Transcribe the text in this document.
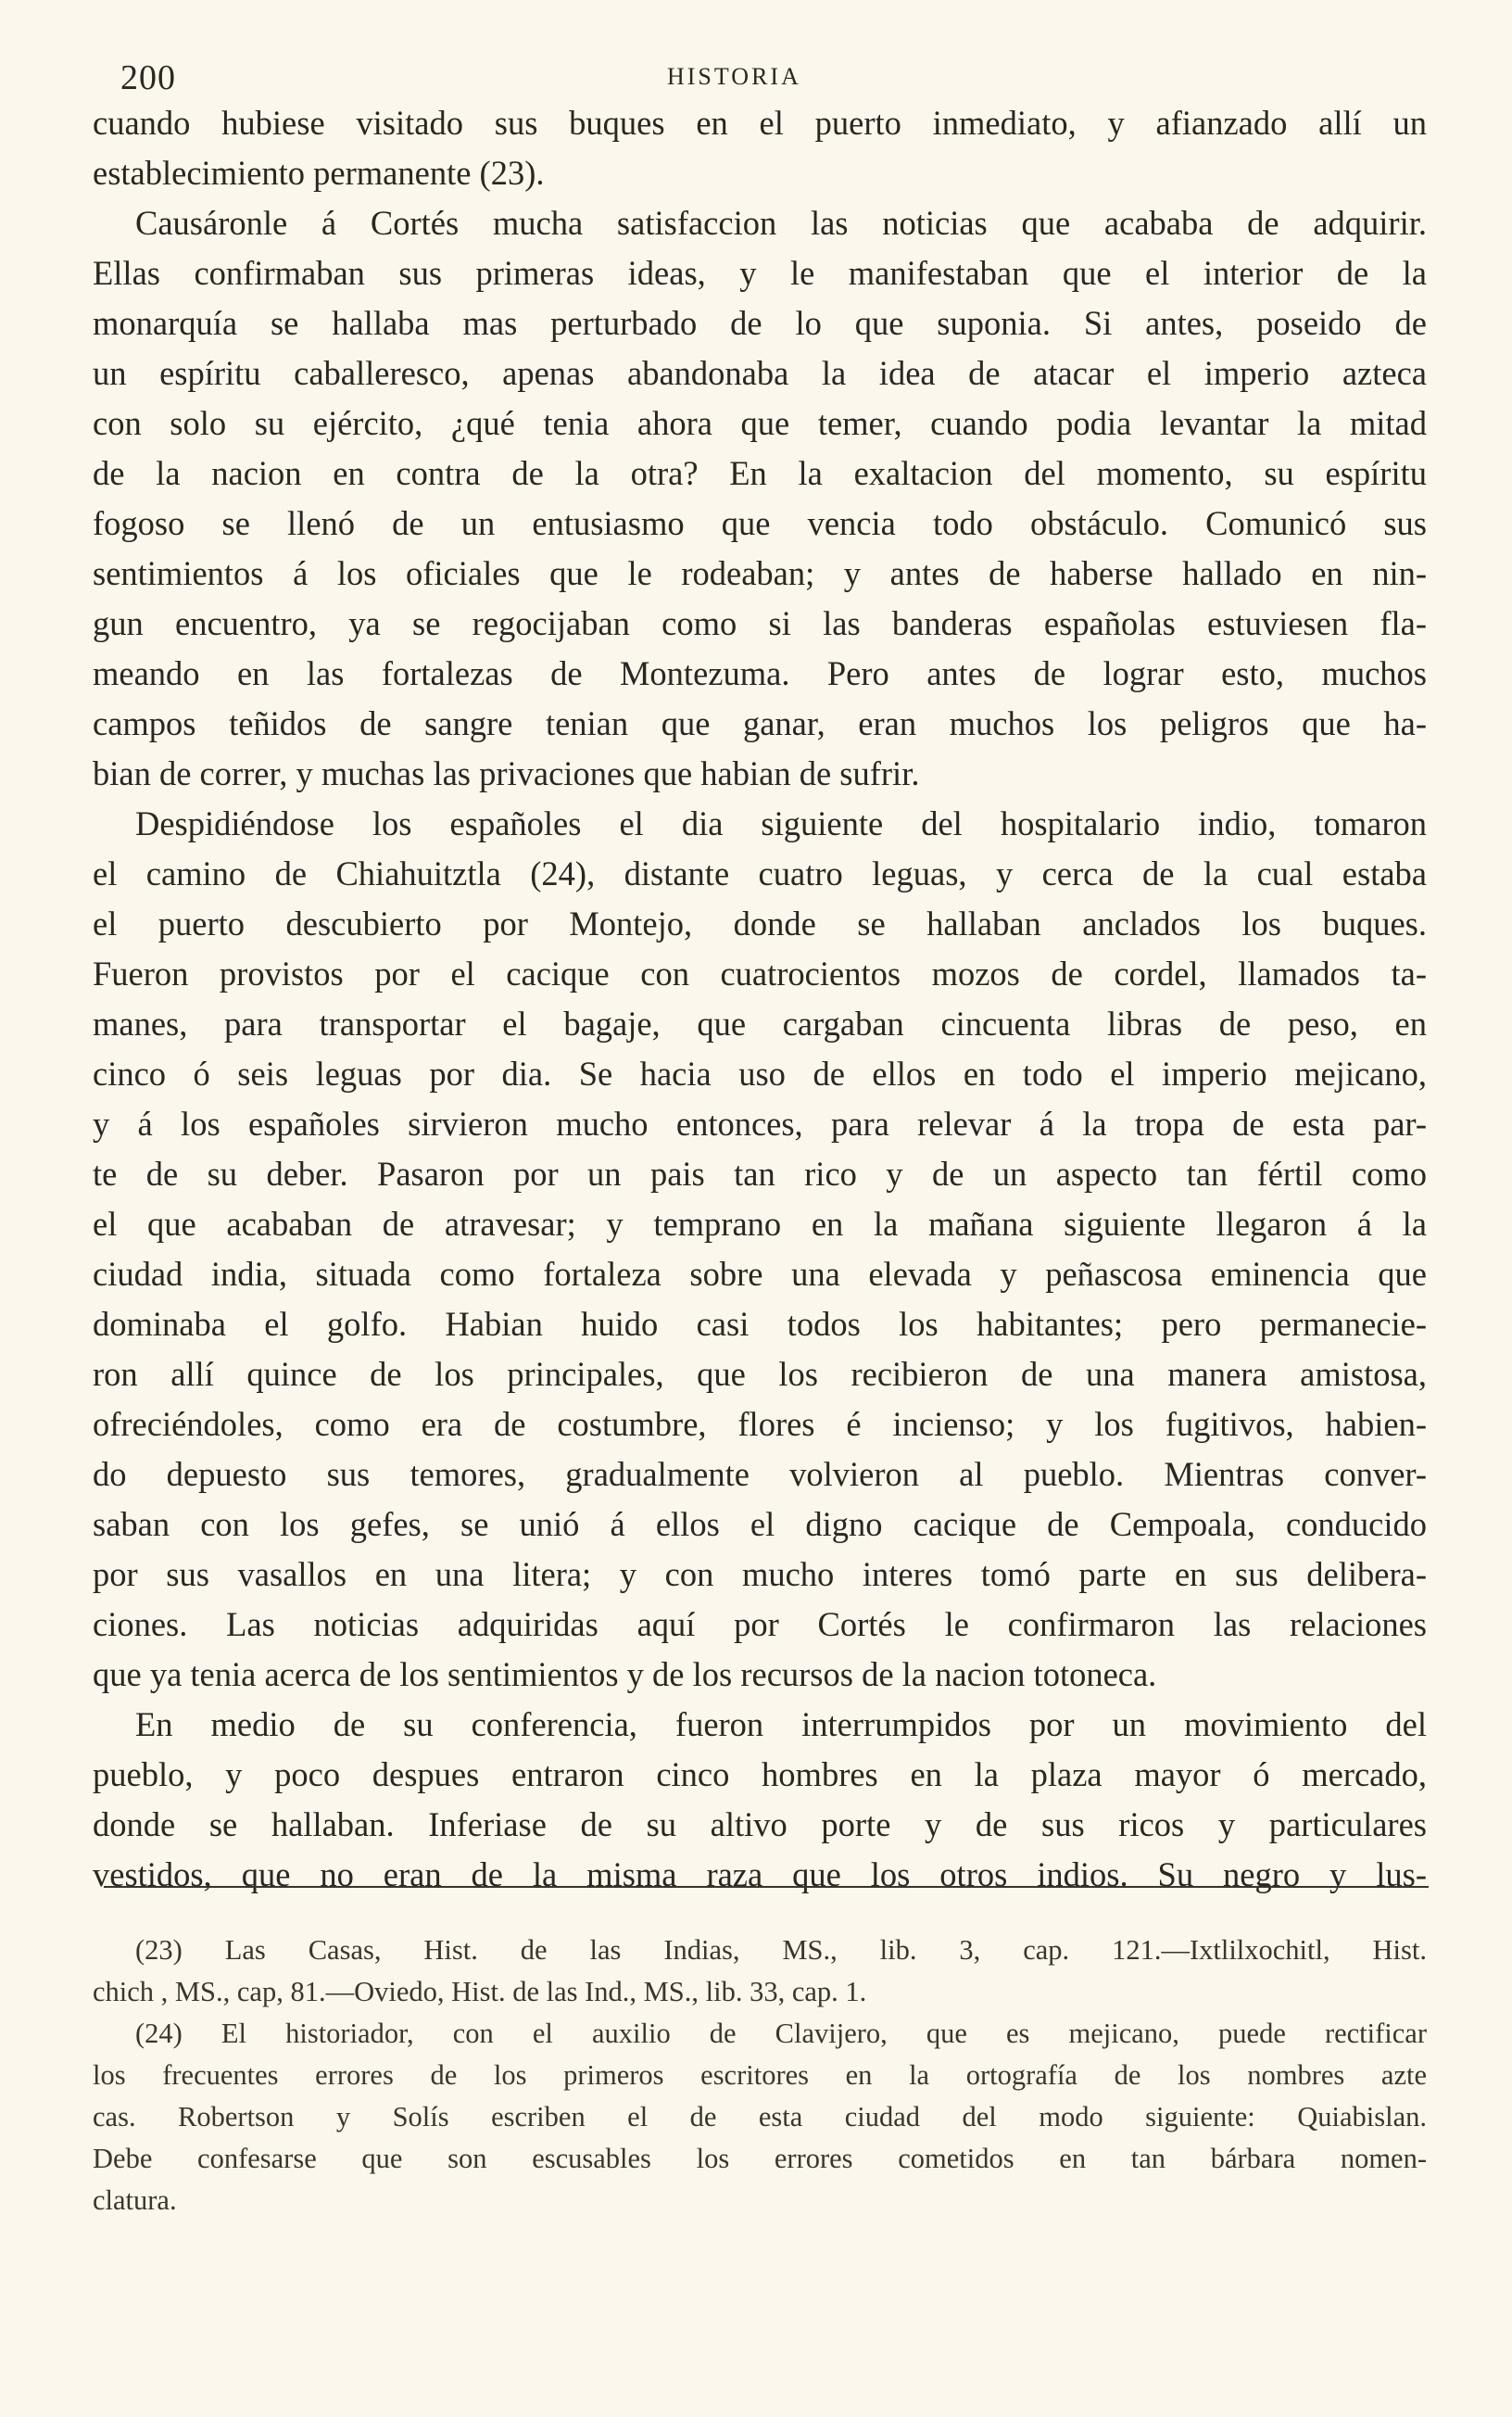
200	HISTORIA
cuando hubiese visitado sus buques en el puerto inmediato, y afianzado allí un
establecimiento permanente (23).
Causáronle á Cortés mucha satisfaccion las noticias que acababa de adquirir.
Ellas confirmaban sus primeras ideas, y le manifestaban que el interior de la
monarquía se hallaba mas perturbado de lo que suponia. Si antes, poseido de
un espíritu caballeresco, apenas abandonaba la idea de atacar el imperio azteca
con solo su ejército, ¿qué tenia ahora que temer, cuando podia levantar la mitad
de la nacion en contra de la otra? En la exaltacion del momento, su espíritu
fogoso se llenó de un entusiasmo que vencia todo obstáculo. Comunicó sus
sentimientos á los oficiales que le rodeaban; y antes de haberse hallado en nin-
gun encuentro, ya se regocijaban como si las banderas españolas estuviesen fla-
meando en las fortalezas de Montezuma. Pero antes de lograr esto, muchos
campos teñidos de sangre tenian que ganar, eran muchos los peligros que ha-
bian de correr, y muchas las privaciones que habian de sufrir.
Despidiéndose los españoles el dia siguiente del hospitalario indio, tomaron
el camino de Chiahuitztla (24), distante cuatro leguas, y cerca de la cual estaba
el puerto descubierto por Montejo, donde se hallaban anclados los buques.
Fueron provistos por el cacique con cuatrocientos mozos de cordel, llamados ta-
manes, para transportar el bagaje, que cargaban cincuenta libras de peso, en
cinco ó seis leguas por dia. Se hacia uso de ellos en todo el imperio mejicano,
y á los españoles sirvieron mucho entonces, para relevar á la tropa de esta par-
te de su deber. Pasaron por un pais tan rico y de un aspecto tan fértil como
el que acababan de atravesar; y temprano en la mañana siguiente llegaron á la
ciudad india, situada como fortaleza sobre una elevada y peñascosa eminencia que
dominaba el golfo. Habian huido casi todos los habitantes; pero permanecie-
ron allí quince de los principales, que los recibieron de una manera amistosa,
ofreciéndoles, como era de costumbre, flores é incienso; y los fugitivos, habien-
do depuesto sus temores, gradualmente volvieron al pueblo. Mientras conver-
saban con los gefes, se unió á ellos el digno cacique de Cempoala, conducido
por sus vasallos en una litera; y con mucho interes tomó parte en sus delibera-
ciones. Las noticias adquiridas aquí por Cortés le confirmaron las relaciones
que ya tenia acerca de los sentimientos y de los recursos de la nacion totoneca.
En medio de su conferencia, fueron interrumpidos por un movimiento del
pueblo, y poco despues entraron cinco hombres en la plaza mayor ó mercado,
donde se hallaban. Inferiase de su altivo porte y de sus ricos y particulares
vestidos, que no eran de la misma raza que los otros indios. Su negro y lus-
(23) Las Casas, Hist. de las Indias, MS., lib. 3, cap. 121.—Ixtlilxochitl, Hist.
chich , MS., cap, 81.—Oviedo, Hist. de las Ind., MS., lib. 33, cap. 1.
(24) El historiador, con el auxilio de Clavijero, que es mejicano, puede rectificar
los frecuentes errores de los primeros escritores en la ortografía de los nombres azte
cas. Robertson y Solís escriben el de esta ciudad del modo siguiente: Quiabislan.
Debe confesarse que son escusables los errores cometidos en tan bárbara nomen-
clatura.
